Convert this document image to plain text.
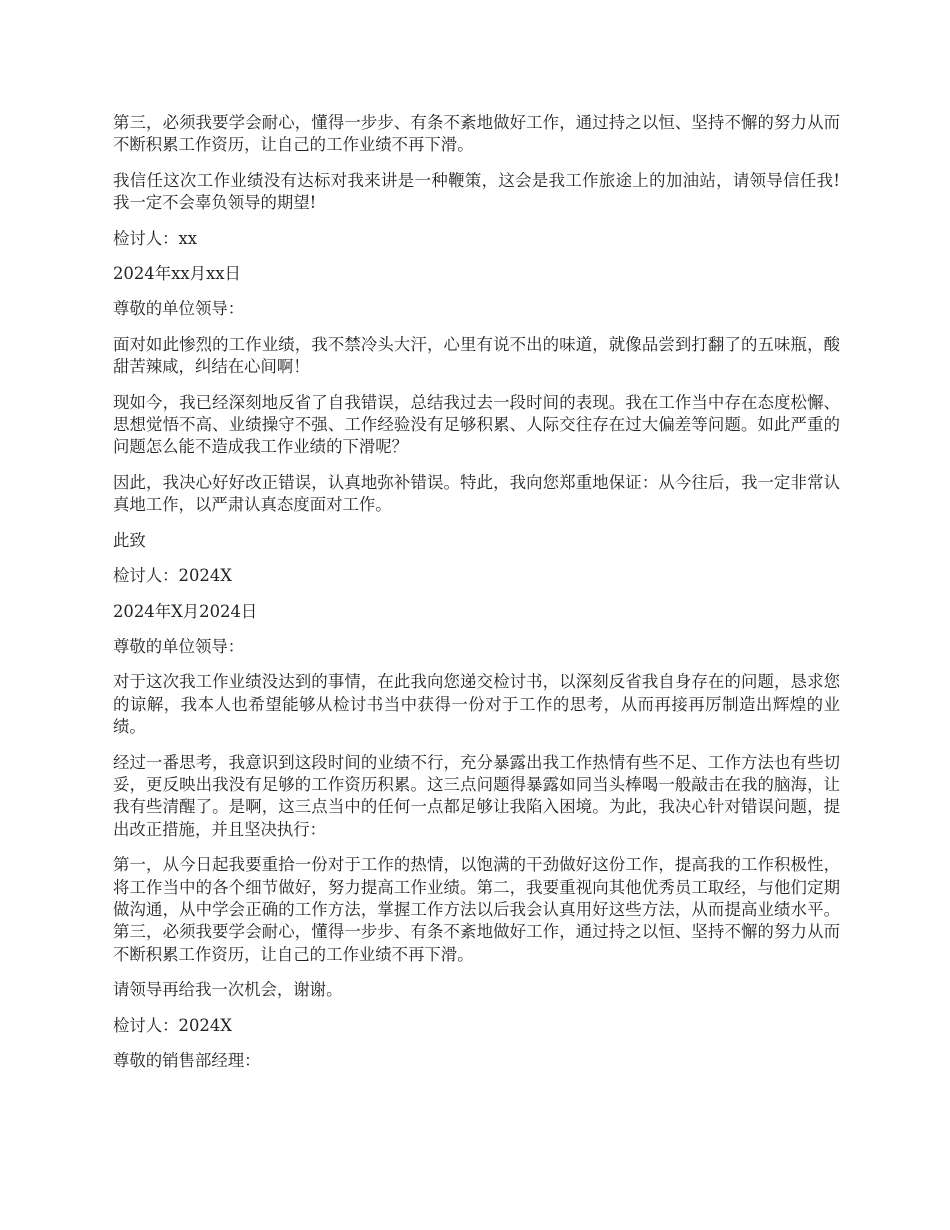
第三，必须我要学会耐心，懂得一步步、有条不紊地做好工作，通过持之以恒、坚持不懈的努力从而不断积累工作资历，让自己的工作业绩不再下滑。

我信任这次工作业绩没有达标对我来讲是一种鞭策，这会是我工作旅途上的加油站，请领导信任我!我一定不会辜负领导的期望!

检讨人：xx

2024年xx月xx日

尊敬的单位领导：

面对如此惨烈的工作业绩，我不禁冷头大汗，心里有说不出的味道，就像品尝到打翻了的五味瓶，酸甜苦辣咸，纠结在心间啊！

现如今，我已经深刻地反省了自我错误，总结我过去一段时间的表现。我在工作当中存在态度松懈、思想觉悟不高、业绩操守不强、工作经验没有足够积累、人际交往存在过大偏差等问题。如此严重的问题怎么能不造成我工作业绩的下滑呢？

因此，我决心好好改正错误，认真地弥补错误。特此，我向您郑重地保证：从今往后，我一定非常认真地工作，以严肃认真态度面对工作。

此致

检讨人：2024X

2024年X月2024日

尊敬的单位领导：

对于这次我工作业绩没达到的事情，在此我向您递交检讨书，以深刻反省我自身存在的问题，恳求您的谅解，我本人也希望能够从检讨书当中获得一份对于工作的思考，从而再接再厉制造出辉煌的业绩。

经过一番思考，我意识到这段时间的业绩不行，充分暴露出我工作热情有些不足、工作方法也有些切妥，更反映出我没有足够的工作资历积累。这三点问题得暴露如同当头棒喝一般敲击在我的脑海，让我有些清醒了。是啊，这三点当中的任何一点都足够让我陷入困境。为此，我决心针对错误问题，提出改正措施，并且坚决执行：

第一，从今日起我要重拾一份对于工作的热情，以饱满的干劲做好这份工作，提高我的工作积极性，将工作当中的各个细节做好，努力提高工作业绩。第二，我要重视向其他优秀员工取经，与他们定期做沟通，从中学会正确的工作方法，掌握工作方法以后我会认真用好这些方法，从而提高业绩水平。第三，必须我要学会耐心，懂得一步步、有条不紊地做好工作，通过持之以恒、坚持不懈的努力从而不断积累工作资历，让自己的工作业绩不再下滑。

请领导再给我一次机会，谢谢。

检讨人：2024X

尊敬的销售部经理：
